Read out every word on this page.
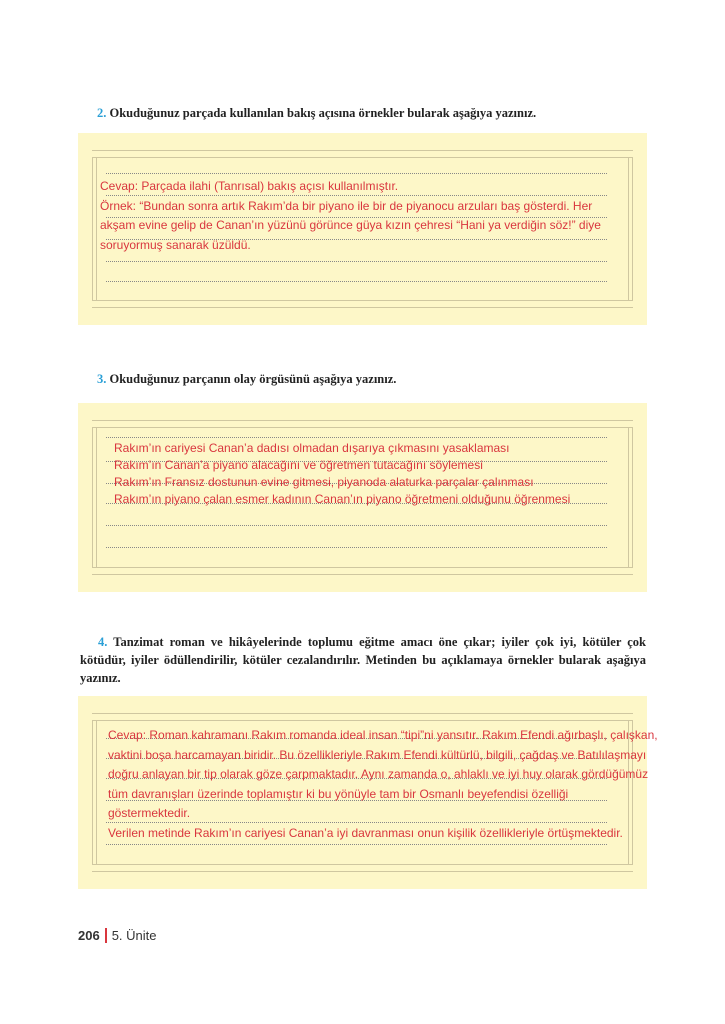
2. Okuduğunuz parçada kullanılan bakış açısına örnekler bularak aşağıya yazınız.
Cevap: Parçada ilahi (Tanrısal) bakış açısı kullanılmıştır.
Örnek: “Bundan sonra artık Rakım’da bir piyano ile bir de piyanocu arzuları baş gösterdi. Her
akşam evine gelip de Canan’ın yüzünü görünce güya kızın çehresi “Hani ya verdiğin söz!” diye
soruyormuş sanarak üzüldü.
3. Okuduğunuz parçanın olay örgüsünü aşağıya yazınız.
Rakım’ın cariyesi Canan’a dadısı olmadan dışarıya çıkmasını yasaklaması
Rakım’ın Canan’a piyano alacağını ve öğretmen tutacağını söylemesi
Rakım’ın Fransız dostunun evine gitmesi, piyanoda alaturka parçalar çalınması
Rakım’ın piyano çalan esmer kadının Canan’ın piyano öğretmeni olduğunu öğrenmesi
4. Tanzimat roman ve hikâyelerinde toplumu eğitme amacı öne çıkar; iyiler çok iyi, kötüler çok kötüdür, iyiler ödüllendirilir, kötüler cezalandırılır. Metinden bu açıklamaya örnekler bularak aşağıya yazınız.
Cevap: Roman kahramanı Rakım romanda ideal insan “tipi”ni yansıtır. Rakım Efendi ağırbaşlı, çalışkan,
vaktini boşa harcamayan biridir. Bu özellikleriyle Rakım Efendi kültürlü, bilgili, çağdaş ve Batılılaşmayı
doğru anlayan bir tip olarak göze çarpmaktadır. Aynı zamanda o, ahlaklı ve iyi huy olarak gördüğümüz
tüm davranışları üzerinde toplamıştır ki bu yönüyle tam bir Osmanlı beyefendisi özelliği
göstermektedir.
Verilen metinde Rakım’ın cariyesi Canan’a iyi davranması onun kişilik özellikleriyle örtüşmektedir.
206 5. Ünite
